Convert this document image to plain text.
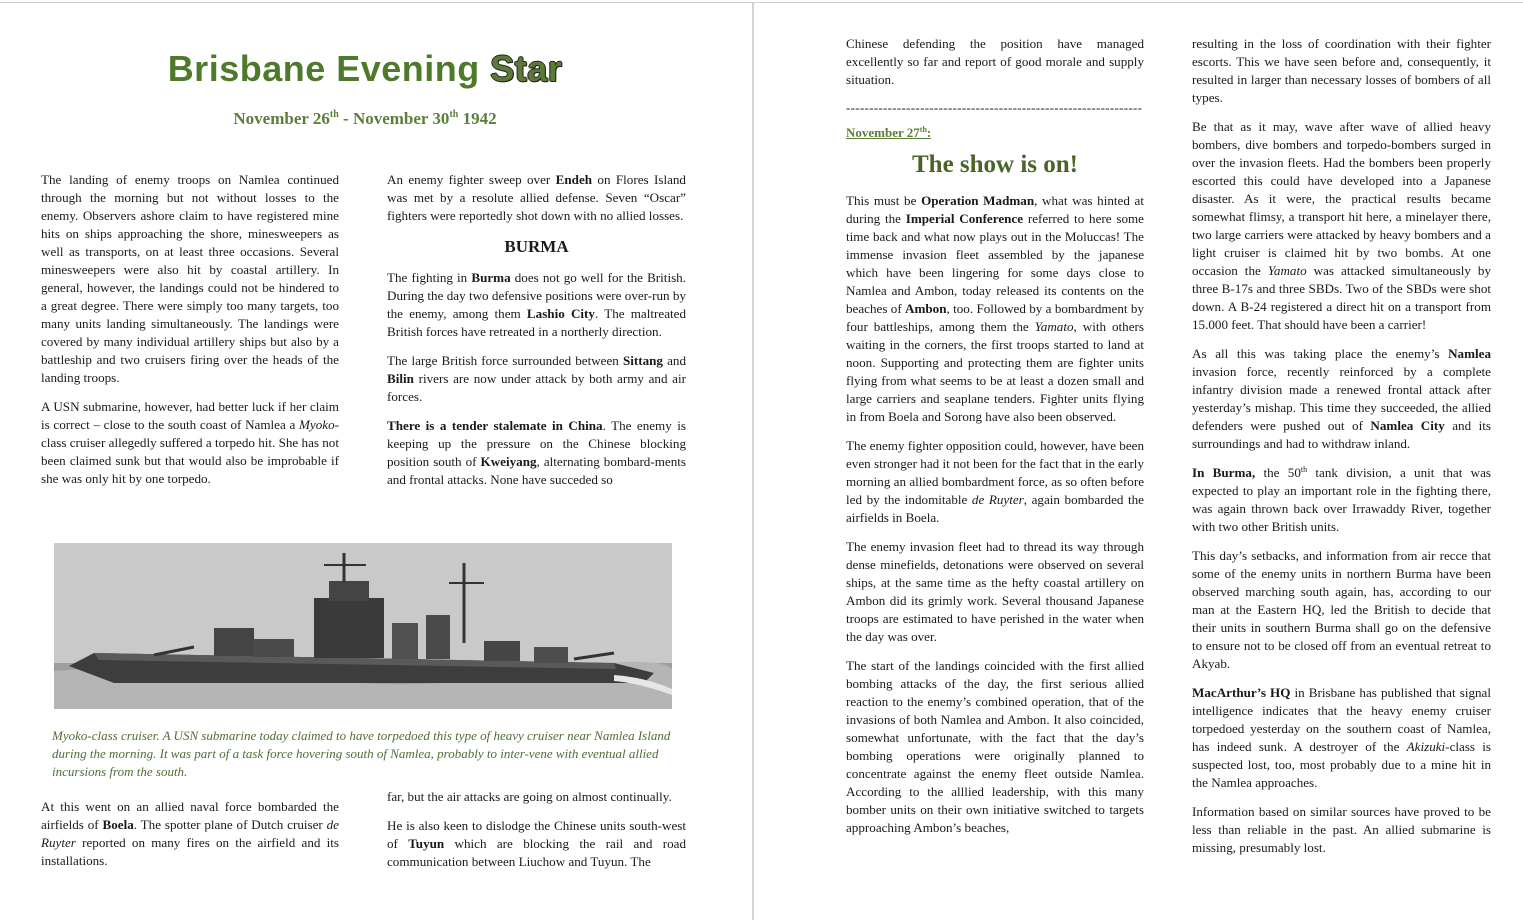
Brisbane Evening Star
November 26th - November 30th 1942

The landing of enemy troops on Namlea continued through the morning but not without losses to the enemy. Observers ashore claim to have registered mine hits on ships approaching the shore, minesweepers as well as transports, on at least three occasions. Several minesweepers were also hit by coastal artillery. In general, however, the landings could not be hindered to a great degree. There were simply too many targets, too many units landing simultaneously. The landings were covered by many individual artillery ships but also by a battleship and two cruisers firing over the heads of the landing troops.

A USN submarine, however, had better luck if her claim is correct – close to the south coast of Namlea a Myoko-class cruiser allegedly suffered a torpedo hit. She has not been claimed sunk but that would also be improbable if she was only hit by one torpedo.

An enemy fighter sweep over Endeh on Flores Island was met by a resolute allied defense. Seven “Oscar” fighters were reportedly shot down with no allied losses.

BURMA

The fighting in Burma does not go well for the British. During the day two defensive positions were over-run by the enemy, among them Lashio City. The maltreated British forces have retreated in a northerly direction.

The large British force surrounded between Sittang and Bilin rivers are now under attack by both army and air forces.

There is a tender stalemate in China. The enemy is keeping up the pressure on the Chinese blocking position south of Kweiyang, alternating bombard-ments and frontal attacks. None have succeded so

Myoko-class cruiser. A USN submarine today claimed to have torpedoed this type of heavy cruiser near Namlea Island during the morning. It was part of a task force hovering south of Namlea, probably to inter-vene with eventual allied incursions from the south.

At this went on an allied naval force bombarded the airfields of Boela. The spotter plane of Dutch cruiser de Ruyter reported on many fires on the airfield and its installations.

far, but the air attacks are going on almost continually.

He is also keen to dislodge the Chinese units south-west of Tuyun which are blocking the rail and road communication between Liuchow and Tuyun. The

Chinese defending the position have managed excellently so far and report of good morale and supply situation.

----------------------------------------------------------------

November 27th:

The show is on!

This must be Operation Madman, what was hinted at during the Imperial Conference referred to here some time back and what now plays out in the Moluccas! The immense invasion fleet assembled by the japanese which have been lingering for some days close to Namlea and Ambon, today released its contents on the beaches of Ambon, too. Followed by a bombardment by four battleships, among them the Yamato, with others waiting in the corners, the first troops started to land at noon. Supporting and protecting them are fighter units flying from what seems to be at least a dozen small and large carriers and seaplane tenders. Fighter units flying in from Boela and Sorong have also been observed.

The enemy fighter opposition could, however, have been even stronger had it not been for the fact that in the early morning an allied bombardment force, as so often before led by the indomitable de Ruyter, again bombarded the airfields in Boela.

The enemy invasion fleet had to thread its way through dense minefields, detonations were observed on several ships, at the same time as the hefty coastal artillery on Ambon did its grimly work. Several thousand Japanese troops are estimated to have perished in the water when the day was over.

The start of the landings coincided with the first allied bombing attacks of the day, the first serious allied reaction to the enemy’s combined operation, that of the invasions of both Namlea and Ambon. It also coincided, somewhat unfortunate, with the fact that the day’s bombing operations were originally planned to concentrate against the enemy fleet outside Namlea. According to the alllied leadership, with this many bomber units on their own initiative switched to targets approaching Ambon’s beaches,

resulting in the loss of coordination with their fighter escorts. This we have seen before and, consequently, it resulted in larger than necessary losses of bombers of all types.

Be that as it may, wave after wave of allied heavy bombers, dive bombers and torpedo-bombers surged in over the invasion fleets. Had the bombers been properly escorted this could have developed into a Japanese disaster. As it were, the practical results became somewhat flimsy, a transport hit here, a minelayer there, two large carriers were attacked by heavy bombers and a light cruiser is claimed hit by two bombs. At one occasion the Yamato was attacked simultaneously by three B-17s and three SBDs. Two of the SBDs were shot down. A B-24 registered a direct hit on a transport from 15.000 feet. That should have been a carrier!

As all this was taking place the enemy’s Namlea invasion force, recently reinforced by a complete infantry division made a renewed frontal attack after yesterday’s mishap. This time they succeeded, the allied defenders were pushed out of Namlea City and its surroundings and had to withdraw inland.

In Burma, the 50th tank division, a unit that was expected to play an important role in the fighting there, was again thrown back over Irrawaddy River, together with two other British units.

This day’s setbacks, and information from air recce that some of the enemy units in northern Burma have been observed marching south again, has, according to our man at the Eastern HQ, led the British to decide that their units in southern Burma shall go on the defensive to ensure not to be closed off from an eventual retreat to Akyab.

MacArthur’s HQ in Brisbane has published that signal intelligence indicates that the heavy enemy cruiser torpedoed yesterday on the southern coast of Namlea, has indeed sunk. A destroyer of the Akizuki-class is suspected lost, too, most probably due to a mine hit in the Namlea approaches.

Information based on similar sources have proved to be less than reliable in the past. An allied submarine is missing, presumably lost.
